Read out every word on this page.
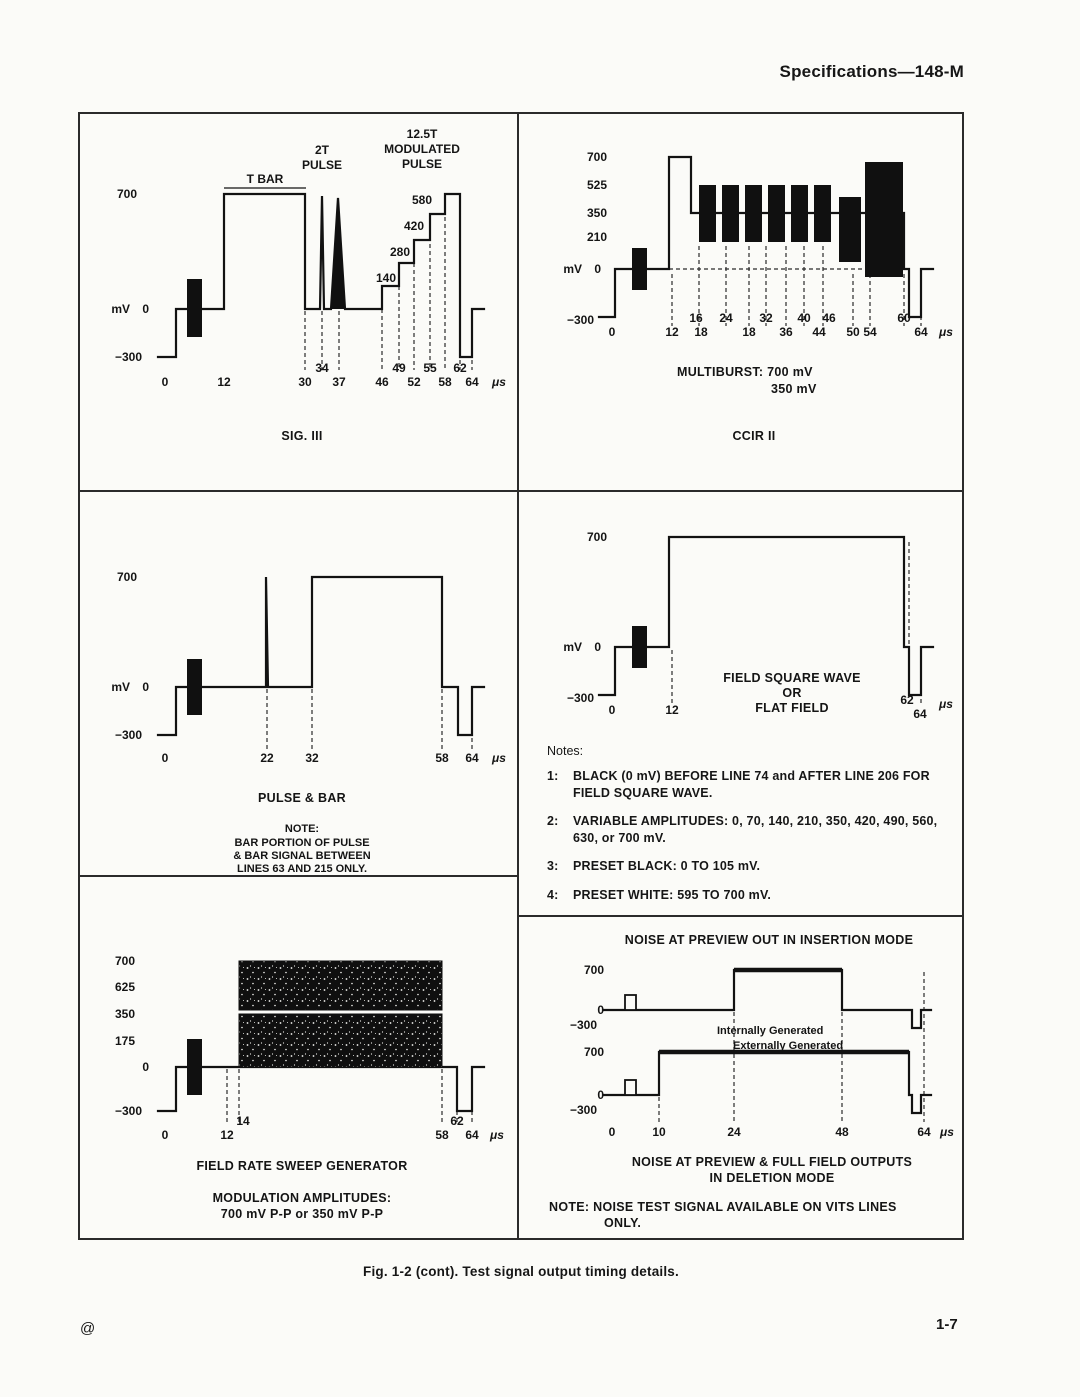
Specifications—148-M
T BAR
2T
PULSE
12.5T
MODULATED
PULSE
700
mV 0
−300
580
420
280
140
0	12	30
34
37 46
49
52
55
58
62
64 μs
SIG. III
700
525
350
210
mV 0
−300	16 24 32 40 46	60
0	12 18	18 36 44 50 54	64 μs
MULTIBURST: 700 mV
350 mV
CCIR II
700
mV 0
−300
0	22	32	58 64 μs
PULSE & BAR
NOTE:
BAR PORTION OF PULSE
& BAR SIGNAL BETWEEN
LINES 63 AND 215 ONLY.
700
mV 0
−300
FIELD SQUARE WAVE
OR
FLAT FIELD
0	12
62
64
μs
Notes:
1: BLACK (0 mV) BEFORE LINE 74 and AFTER LINE 206 FOR FIELD SQUARE WAVE.
2: VARIABLE AMPLITUDES: 0, 70, 140, 210, 350, 420, 490, 560, 630, or 700 mV.
3: PRESET BLACK: 0 TO 105 mV.
4: PRESET WHITE: 595 TO 700 mV.
700
625
350
175
0
−300
0	12
14
58
62
64 μs
FIELD RATE SWEEP GENERATOR
MODULATION AMPLITUDES:
700 mV P-P or 350 mV P-P
NOISE AT PREVIEW OUT IN INSERTION MODE
700
0
−300
700
0
−300
Internally Generated
Externally Generated
0	10	24	48	64 μs
NOISE AT PREVIEW & FULL FIELD OUTPUTS
IN DELETION MODE
NOTE: NOISE TEST SIGNAL AVAILABLE ON VITS LINES
ONLY.
Fig. 1-2 (cont). Test signal output timing details.
@	1-7
